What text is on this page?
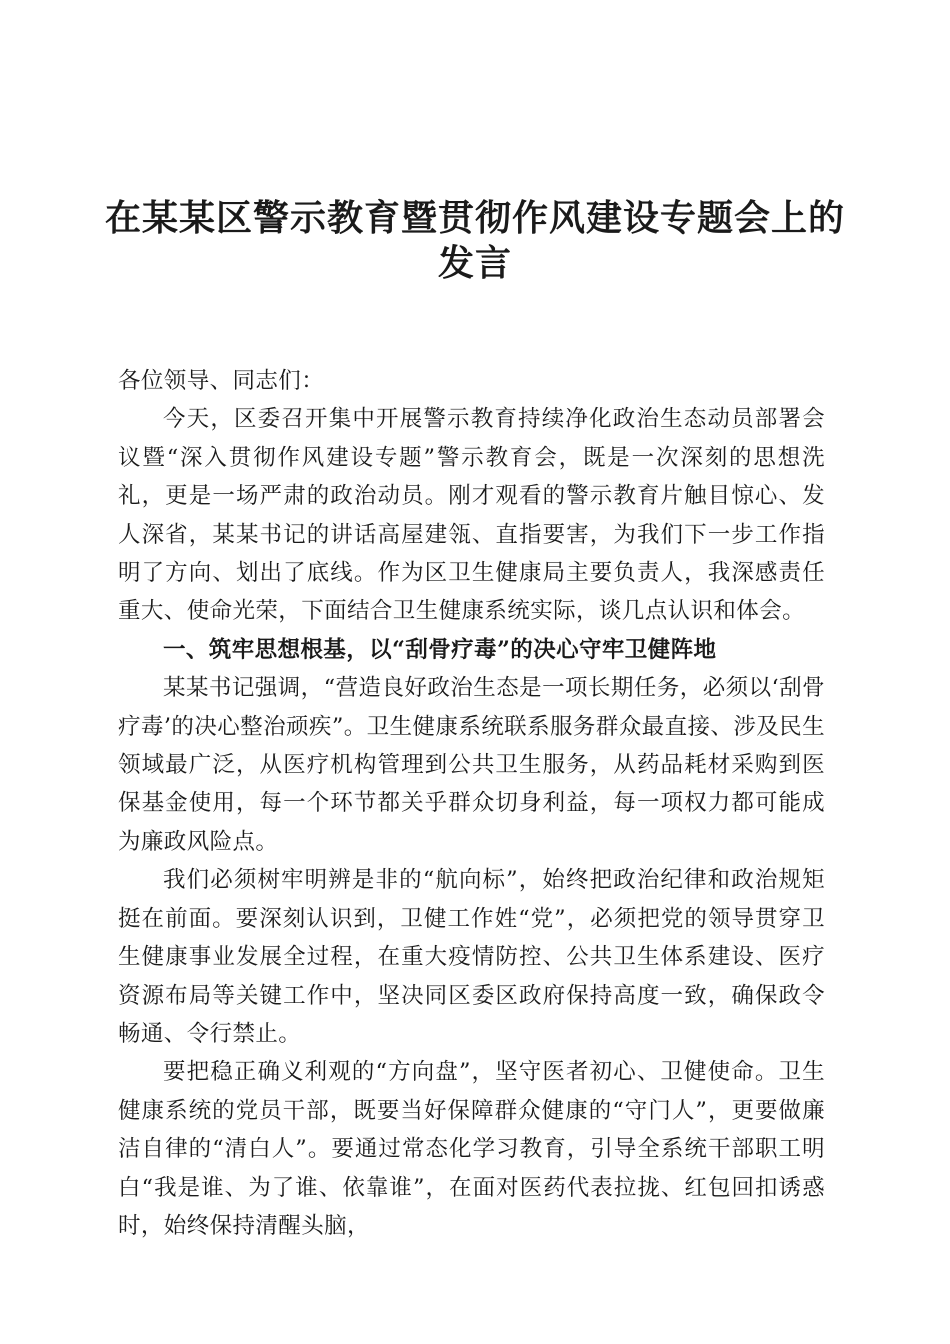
在某某区警示教育暨贯彻作风建设专题会上的
发言

各位领导、同志们：

今天，区委召开集中开展警示教育持续净化政治生态动员部署会议暨“深入贯彻作风建设专题”警示教育会，既是一次深刻的思想洗礼，更是一场严肃的政治动员。刚才观看的警示教育片触目惊心、发人深省，某某书记的讲话高屋建瓴、直指要害，为我们下一步工作指明了方向、划出了底线。作为区卫生健康局主要负责人，我深感责任重大、使命光荣，下面结合卫生健康系统实际，谈几点认识和体会。

一、筑牢思想根基，以“刮骨疗毒”的决心守牢卫健阵地

某某书记强调，“营造良好政治生态是一项长期任务，必须以‘刮骨疗毒’的决心整治顽疾”。卫生健康系统联系服务群众最直接、涉及民生领域最广泛，从医疗机构管理到公共卫生服务，从药品耗材采购到医保基金使用，每一个环节都关乎群众切身利益，每一项权力都可能成为廉政风险点。

我们必须树牢明辨是非的“航向标”，始终把政治纪律和政治规矩挺在前面。要深刻认识到，卫健工作姓“党”，必须把党的领导贯穿卫生健康事业发展全过程，在重大疫情防控、公共卫生体系建设、医疗资源布局等关键工作中，坚决同区委区政府保持高度一致，确保政令畅通、令行禁止。

要把稳正确义利观的“方向盘”，坚守医者初心、卫健使命。卫生健康系统的党员干部，既要当好保障群众健康的“守门人”，更要做廉洁自律的“清白人”。要通过常态化学习教育，引导全系统干部职工明白“我是谁、为了谁、依靠谁”，在面对医药代表拉拢、红包回扣诱惑时，始终保持清醒头脑，
